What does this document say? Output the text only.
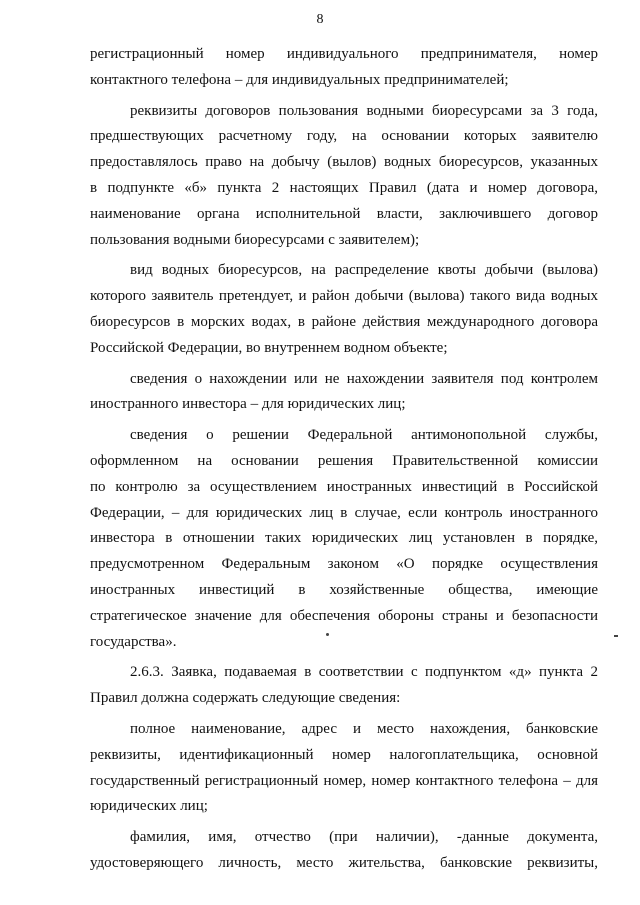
8
регистрационный номер индивидуального предпринимателя, номер
контактного телефона – для индивидуальных предпринимателей;
реквизиты договоров пользования водными биоресурсами за 3 года,
предшествующих расчетному году, на основании которых заявителю
предоставлялось право на добычу (вылов) водных биоресурсов, указанных
в подпункте «б» пункта 2 настоящих Правил (дата и номер договора,
наименование органа исполнительной власти, заключившего договор
пользования водными биоресурсами с заявителем);
вид водных биоресурсов, на распределение квоты добычи (вылова)
которого заявитель претендует, и район добычи (вылова) такого вида водных
биоресурсов в морских водах, в районе действия международного договора
Российской Федерации, во внутреннем водном объекте;
сведения о нахождении или не нахождении заявителя под контролем
иностранного инвестора – для юридических лиц;
сведения о решении Федеральной антимонопольной службы,
оформленном на основании решения Правительственной комиссии
по контролю за осуществлением иностранных инвестиций в Российской
Федерации, – для юридических лиц в случае, если контроль иностранного
инвестора в отношении таких юридических лиц установлен в порядке,
предусмотренном Федеральным законом «О порядке осуществления
иностранных инвестиций в хозяйственные общества, имеющие
стратегическое значение для обеспечения обороны страны и безопасности
государства».
2.6.3. Заявка, подаваемая в соответствии с подпунктом «д» пункта 2
Правил должна содержать следующие сведения:
полное наименование, адрес и место нахождения, банковские
реквизиты, идентификационный номер налогоплательщика, основной
государственный регистрационный номер, номер контактного телефона – для
юридических лиц;
фамилия, имя, отчество (при наличии), -данные документа,
удостоверяющего личность, место жительства, банковские реквизиты,
